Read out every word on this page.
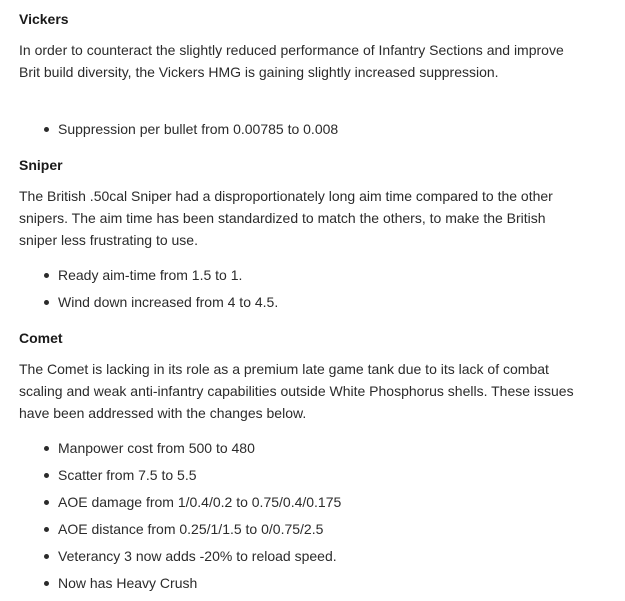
Vickers

In order to counteract the slightly reduced performance of Infantry Sections and improve Brit build diversity, the Vickers HMG is gaining slightly increased suppression.

Suppression per bullet from 0.00785 to 0.008
Sniper

The British .50cal Sniper had a disproportionately long aim time compared to the other snipers. The aim time has been standardized to match the others, to make the British sniper less frustrating to use.

Ready aim-time from 1.5 to 1.
Wind down increased from 4 to 4.5.
Comet

The Comet is lacking in its role as a premium late game tank due to its lack of combat scaling and weak anti-infantry capabilities outside White Phosphorus shells. These issues have been addressed with the changes below.

Manpower cost from 500 to 480
Scatter from 7.5 to 5.5
AOE damage from 1/0.4/0.2 to 0.75/0.4/0.175
AOE distance from 0.25/1/1.5 to 0/0.75/2.5
Veterancy 3 now adds -20% to reload speed.
Now has Heavy Crush
